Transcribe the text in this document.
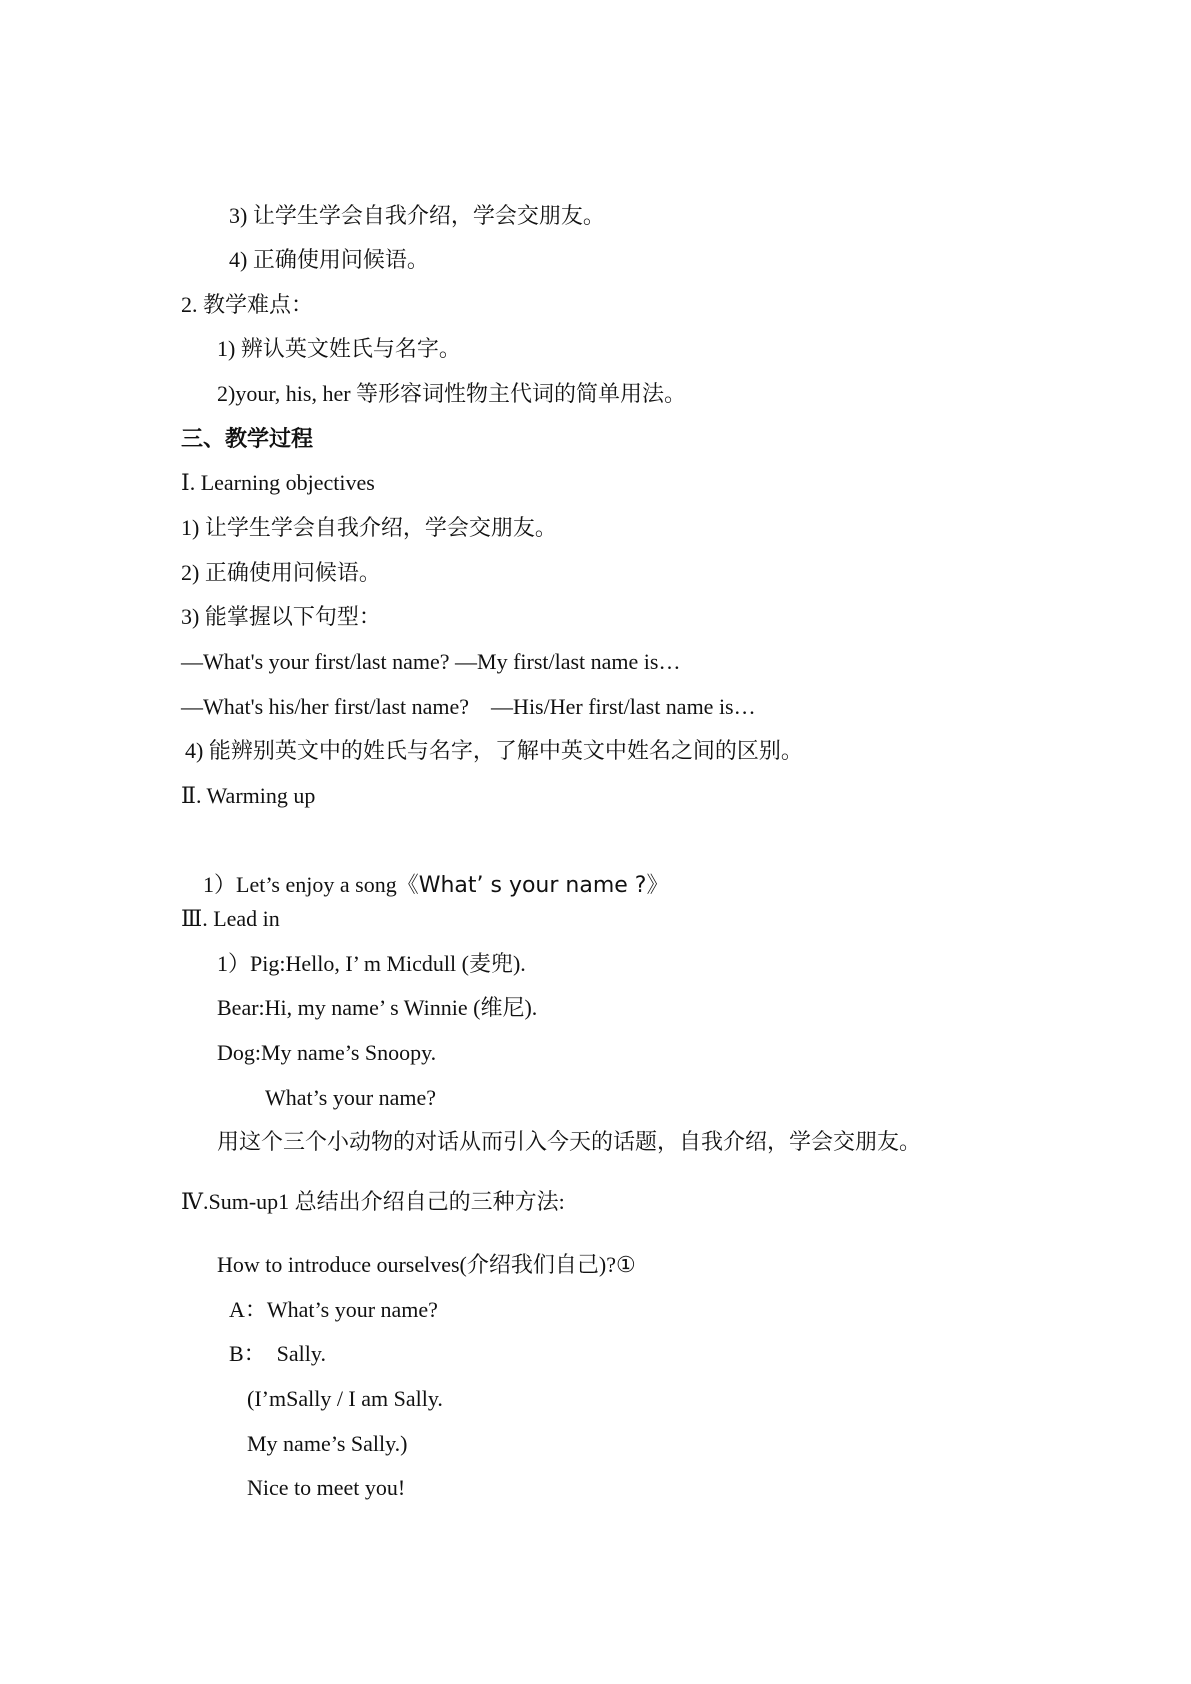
3) 让学生学会自我介绍，学会交朋友。
4) 正确使用问候语。
2. 教学难点：
1) 辨认英文姓氏与名字。
2)your, his, her 等形容词性物主代词的简单用法。
三、教学过程
Ⅰ. Learning objectives
1) 让学生学会自我介绍，学会交朋友。
2) 正确使用问候语。
3) 能掌握以下句型：
—What's your first/last name? —My first/last name is…
—What's his/her first/last name?    —His/Her first/last name is…
4) 能辨别英文中的姓氏与名字，了解中英文中姓名之间的区别。
Ⅱ. Warming up

1）Let’s enjoy a song《What’ s your name ?》

Ⅲ. Lead in
1）Pig:Hello, I’ m Micdull (麦兜).
Bear:Hi, my name’ s Winnie (维尼).
Dog:My name’s Snoopy.
What’s your name?
用这个三个小动物的对话从而引入今天的话题，自我介绍，学会交朋友。
Ⅳ.Sum-up1 总结出介绍自己的三种方法:
How to introduce ourselves(介绍我们自己)?①
A：What’s your name?
B：  Sally.
(I’mSally / I am Sally.
My name’s Sally.)
Nice to meet you!
